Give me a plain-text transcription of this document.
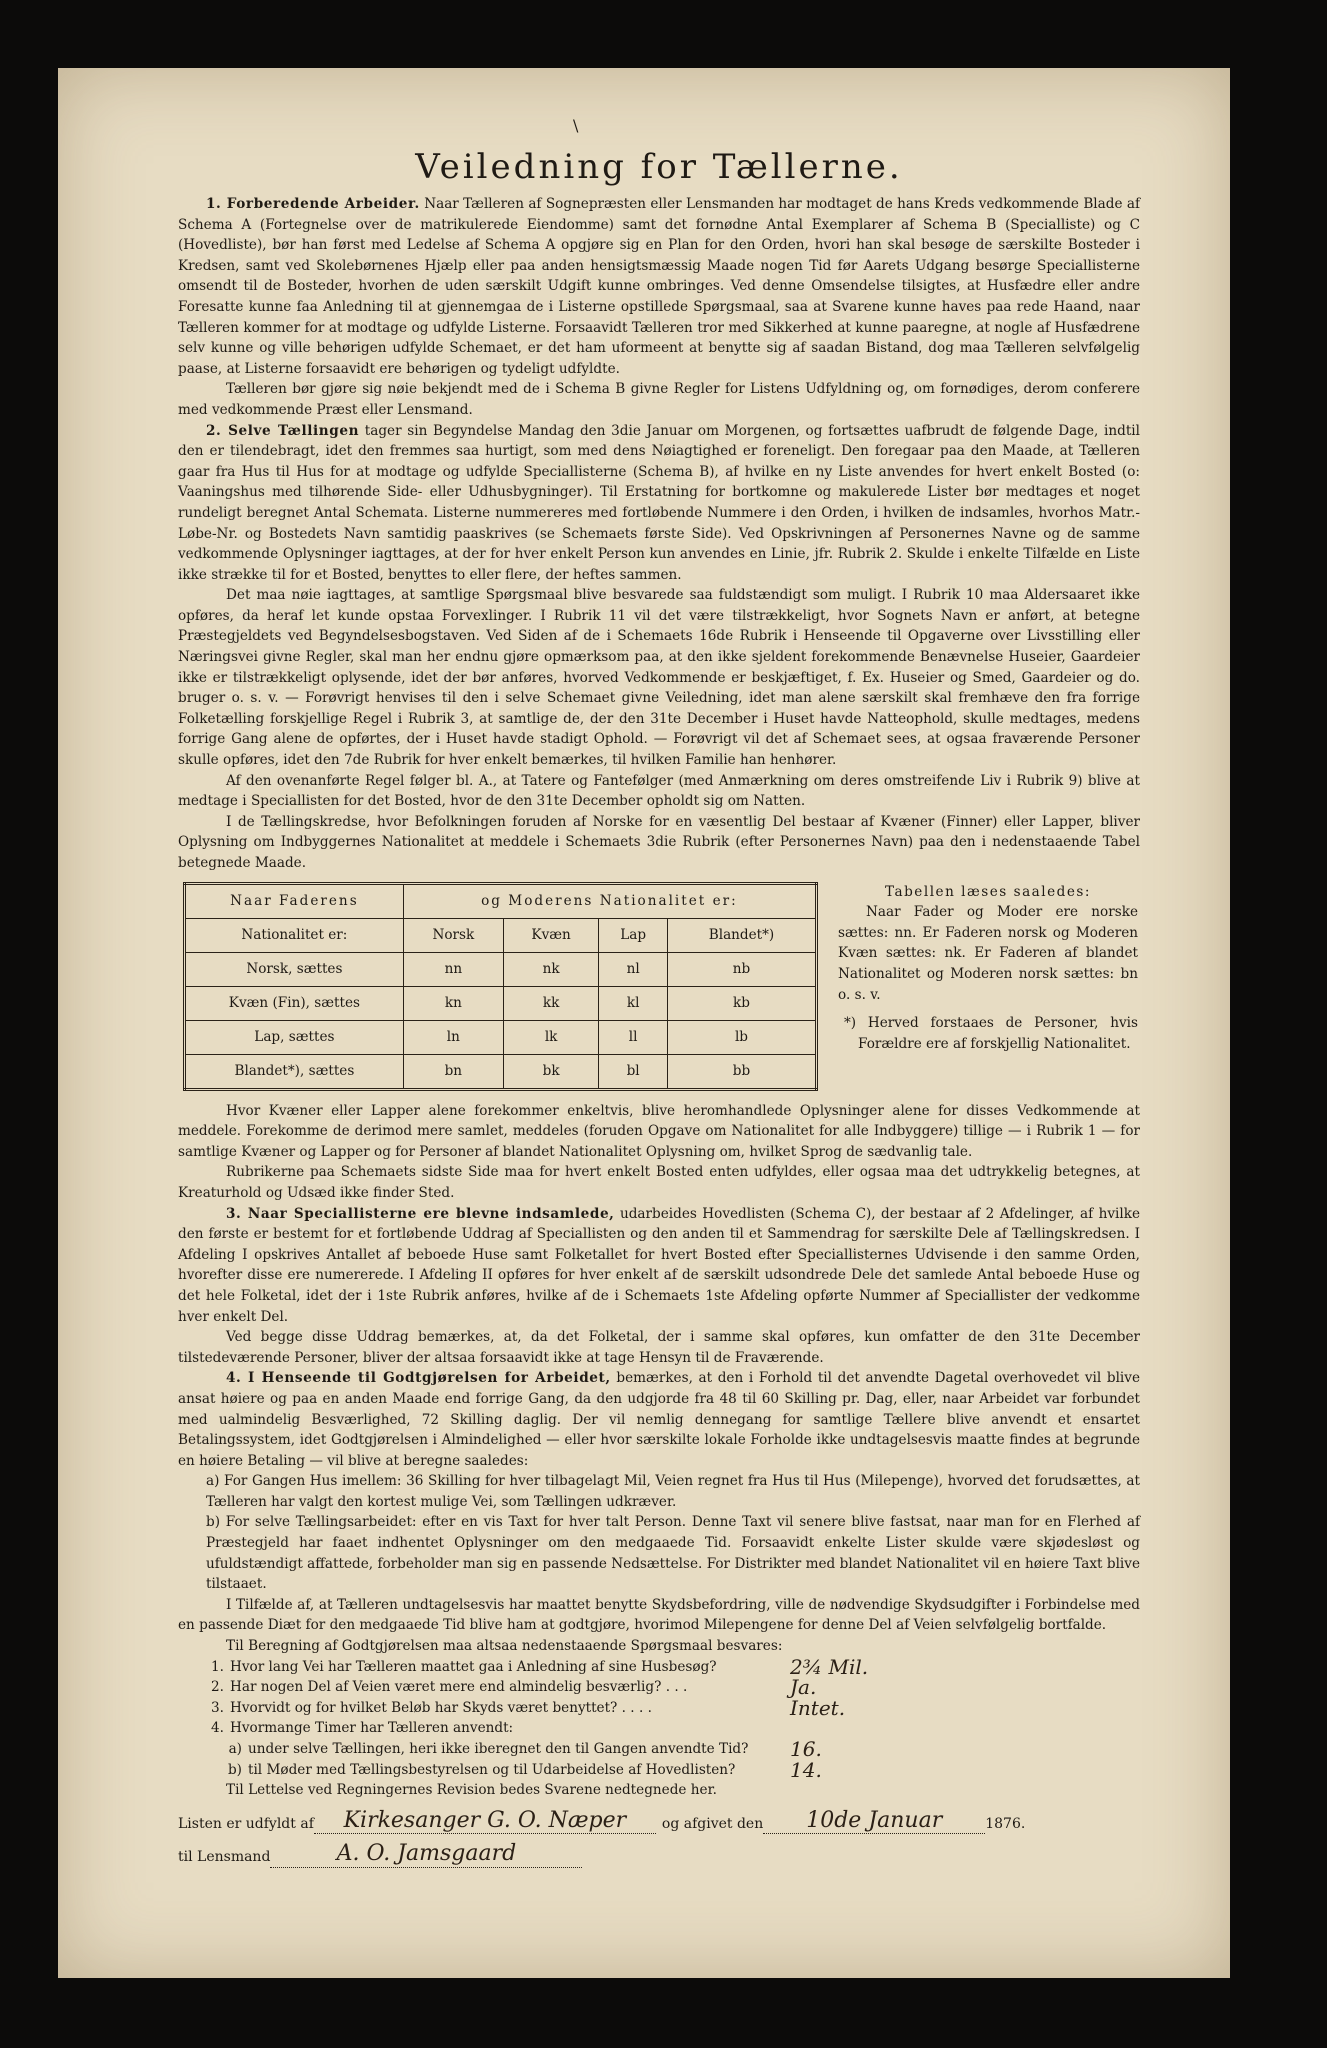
\
Veiledning for Tællerne.

1. Forberedende Arbeider. Naar Tælleren af Sognepræsten eller Lensmanden har modtaget de hans Kreds vedkommende Blade af Schema A (Fortegnelse over de matrikulerede Eiendomme) samt det fornødne Antal Exemplarer af Schema B (Specialliste) og C (Hovedliste), bør han først med Ledelse af Schema A opgjøre sig en Plan for den Orden, hvori han skal besøge de særskilte Bosteder i Kredsen, samt ved Skolebørnenes Hjælp eller paa anden hensigtsmæssig Maade nogen Tid før Aarets Udgang besørge Speciallisterne omsendt til de Bosteder, hvorhen de uden særskilt Udgift kunne ombringes. Ved denne Omsendelse tilsigtes, at Husfædre eller andre Foresatte kunne faa Anledning til at gjennemgaa de i Listerne opstillede Spørgsmaal, saa at Svarene kunne haves paa rede Haand, naar Tælleren kommer for at modtage og udfylde Listerne. Forsaavidt Tælleren tror med Sikkerhed at kunne paaregne, at nogle af Husfædrene selv kunne og ville behørigen udfylde Schemaet, er det ham uformeent at benytte sig af saadan Bistand, dog maa Tælleren selvfølgelig paase, at Listerne forsaavidt ere behørigen og tydeligt udfyldte.

Tælleren bør gjøre sig nøie bekjendt med de i Schema B givne Regler for Listens Udfyldning og, om fornødiges, derom conferere med vedkommende Præst eller Lensmand.

2. Selve Tællingen tager sin Begyndelse Mandag den 3die Januar om Morgenen, og fortsættes uafbrudt de følgende Dage, indtil den er tilendebragt, idet den fremmes saa hurtigt, som med dens Nøiagtighed er foreneligt. Den foregaar paa den Maade, at Tælleren gaar fra Hus til Hus for at modtage og udfylde Speciallisterne (Schema B), af hvilke en ny Liste anvendes for hvert enkelt Bosted (o: Vaaningshus med tilhørende Side- eller Udhusbygninger). Til Erstatning for bortkomne og makulerede Lister bør medtages et noget rundeligt beregnet Antal Schemata. Listerne nummereres med fortløbende Nummere i den Orden, i hvilken de indsamles, hvorhos Matr.-Løbe-Nr. og Bostedets Navn samtidig paaskrives (se Schemaets første Side). Ved Opskrivningen af Personernes Navne og de samme vedkommende Oplysninger iagttages, at der for hver enkelt Person kun anvendes en Linie, jfr. Rubrik 2. Skulde i enkelte Tilfælde en Liste ikke strække til for et Bosted, benyttes to eller flere, der heftes sammen.

Det maa nøie iagttages, at samtlige Spørgsmaal blive besvarede saa fuldstændigt som muligt. I Rubrik 10 maa Aldersaaret ikke opføres, da heraf let kunde opstaa Forvexlinger. I Rubrik 11 vil det være tilstrækkeligt, hvor Sognets Navn er anført, at betegne Præstegjeldets ved Begyndelsesbogstaven. Ved Siden af de i Schemaets 16de Rubrik i Henseende til Opgaverne over Livsstilling eller Næringsvei givne Regler, skal man her endnu gjøre opmærksom paa, at den ikke sjeldent forekommende Benævnelse Huseier, Gaardeier ikke er tilstrækkeligt oplysende, idet der bør anføres, hvorved Vedkommende er beskjæftiget, f. Ex. Huseier og Smed, Gaardeier og do. bruger o. s. v. — Forøvrigt henvises til den i selve Schemaet givne Veiledning, idet man alene særskilt skal fremhæve den fra forrige Folketælling forskjellige Regel i Rubrik 3, at samtlige de, der den 31te December i Huset havde Natteophold, skulle medtages, medens forrige Gang alene de opførtes, der i Huset havde stadigt Ophold. — Forøvrigt vil det af Schemaet sees, at ogsaa fraværende Personer skulle opføres, idet den 7de Rubrik for hver enkelt bemærkes, til hvilken Familie han henhører.

Af den ovenanførte Regel følger bl. A., at Tatere og Fantefølger (med Anmærkning om deres omstreifende Liv i Rubrik 9) blive at medtage i Speciallisten for det Bosted, hvor de den 31te December opholdt sig om Natten.

I de Tællingskredse, hvor Befolkningen foruden af Norske for en væsentlig Del bestaar af Kvæner (Finner) eller Lapper, bliver Oplysning om Indbyggernes Nationalitet at meddele i Schemaets 3die Rubrik (efter Personernes Navn) paa den i nedenstaaende Tabel betegnede Maade.

Naar Faderens	og Moderens Nationalitet er:			
Nationalitet er:	Norsk	Kvæn	Lap	Blandet*)
Norsk, sættes	nn	nk	nl	nb
Kvæn (Fin), sættes	kn	kk	kl	kb
Lap, sættes	ln	lk	ll	lb
Blandet*), sættes	bn	bk	bl	bb

Tabellen læses saaledes:

Naar Fader og Moder ere norske sættes: nn. Er Faderen norsk og Moderen Kvæn sættes: nk. Er Faderen af blandet Nationalitet og Moderen norsk sættes: bn o. s. v.

*) Herved forstaaes de Personer, hvis Forældre ere af forskjellig Nationalitet.

Hvor Kvæner eller Lapper alene forekommer enkeltvis, blive heromhandlede Oplysninger alene for disses Vedkommende at meddele. Forekomme de derimod mere samlet, meddeles (foruden Opgave om Nationalitet for alle Indbyggere) tillige — i Rubrik 1 — for samtlige Kvæner og Lapper og for Personer af blandet Nationalitet Oplysning om, hvilket Sprog de sædvanlig tale.

Rubrikerne paa Schemaets sidste Side maa for hvert enkelt Bosted enten udfyldes, eller ogsaa maa det udtrykkelig betegnes, at Kreaturhold og Udsæd ikke finder Sted.

3. Naar Speciallisterne ere blevne indsamlede, udarbeides Hovedlisten (Schema C), der bestaar af 2 Afdelinger, af hvilke den første er bestemt for et fortløbende Uddrag af Speciallisten og den anden til et Sammendrag for særskilte Dele af Tællingskredsen. I Afdeling I opskrives Antallet af beboede Huse samt Folketallet for hvert Bosted efter Speciallisternes Udvisende i den samme Orden, hvorefter disse ere numererede. I Afdeling II opføres for hver enkelt af de særskilt udsondrede Dele det samlede Antal beboede Huse og det hele Folketal, idet der i 1ste Rubrik anføres, hvilke af de i Schemaets 1ste Afdeling opførte Nummer af Speciallister der vedkomme hver enkelt Del.

Ved begge disse Uddrag bemærkes, at, da det Folketal, der i samme skal opføres, kun omfatter de den 31te December tilstedeværende Personer, bliver der altsaa forsaavidt ikke at tage Hensyn til de Fraværende.

4. I Henseende til Godtgjørelsen for Arbeidet, bemærkes, at den i Forhold til det anvendte Dagetal overhovedet vil blive ansat høiere og paa en anden Maade end forrige Gang, da den udgjorde fra 48 til 60 Skilling pr. Dag, eller, naar Arbeidet var forbundet med ualmindelig Besværlighed, 72 Skilling daglig. Der vil nemlig dennegang for samtlige Tællere blive anvendt et ensartet Betalingssystem, idet Godtgjørelsen i Almindelighed — eller hvor særskilte lokale Forholde ikke undtagelsesvis maatte findes at begrunde en høiere Betaling — vil blive at beregne saaledes:

a) For Gangen Hus imellem: 36 Skilling for hver tilbagelagt Mil, Veien regnet fra Hus til Hus (Milepenge), hvorved det forudsættes, at Tælleren har valgt den kortest mulige Vei, som Tællingen udkræver.

b) For selve Tællingsarbeidet: efter en vis Taxt for hver talt Person. Denne Taxt vil senere blive fastsat, naar man for en Flerhed af Præstegjeld har faaet indhentet Oplysninger om den medgaaede Tid. Forsaavidt enkelte Lister skulde være skjødesløst og ufuldstændigt affattede, forbeholder man sig en passende Nedsættelse. For Distrikter med blandet Nationalitet vil en høiere Taxt blive tilstaaet.

I Tilfælde af, at Tælleren undtagelsesvis har maattet benytte Skydsbefordring, ville de nødvendige Skydsudgifter i Forbindelse med en passende Diæt for den medgaaede Tid blive ham at godtgjøre, hvorimod Milepengene for denne Del af Veien selvfølgelig bortfalde.

Til Beregning af Godtgjørelsen maa altsaa nedenstaaende Spørgsmaal besvares:

1. Hvor lang Vei har Tælleren maattet gaa i Anledning af sine Husbesøg?	2¾ Mil.
2. Har nogen Del af Veien været mere end almindelig besværlig? . . .	Ja.
3. Hvorvidt og for hvilket Beløb har Skyds været benyttet? . . . .	Intet.
4. Hvormange Timer har Tælleren anvendt:
a) under selve Tællingen, heri ikke iberegnet den til Gangen anvendte Tid?	16.
b) til Møder med Tællingsbestyrelsen og til Udarbeidelse af Hovedlisten?	14.

Til Lettelse ved Regningernes Revision bedes Svarene nedtegnede her.

Listen er udfyldt af	Kirkesanger G. O. Næper	og afgivet den	10de Januar	1876.
til Lensmand	A. O. Jamsgaard
